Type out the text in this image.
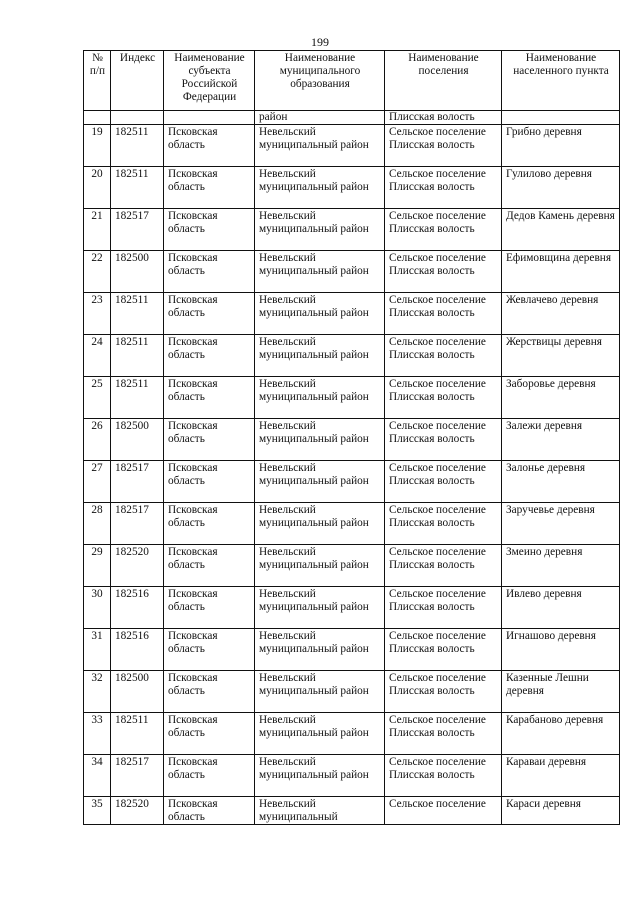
199
№ п/п	Индекс	Наименование субъекта Российской Федерации	Наименование муниципального образования	Наименование поселения	Наименование населенного пункта
			район	Плисская волость	
19	182511	Псковская область	Невельский муниципальный район	Сельское поселение Плисская волость	Грибно деревня
20	182511	Псковская область	Невельский муниципальный район	Сельское поселение Плисская волость	Гулилово деревня
21	182517	Псковская область	Невельский муниципальный район	Сельское поселение Плисская волость	Дедов Камень деревня
22	182500	Псковская область	Невельский муниципальный район	Сельское поселение Плисская волость	Ефимовщина деревня
23	182511	Псковская область	Невельский муниципальный район	Сельское поселение Плисская волость	Жевлачево деревня
24	182511	Псковская область	Невельский муниципальный район	Сельское поселение Плисская волость	Жерствицы деревня
25	182511	Псковская область	Невельский муниципальный район	Сельское поселение Плисская волость	Заборовье деревня
26	182500	Псковская область	Невельский муниципальный район	Сельское поселение Плисская волость	Залежи деревня
27	182517	Псковская область	Невельский муниципальный район	Сельское поселение Плисская волость	Залонье деревня
28	182517	Псковская область	Невельский муниципальный район	Сельское поселение Плисская волость	Заручевье деревня
29	182520	Псковская область	Невельский муниципальный район	Сельское поселение Плисская волость	Змеино деревня
30	182516	Псковская область	Невельский муниципальный район	Сельское поселение Плисская волость	Ивлево деревня
31	182516	Псковская область	Невельский муниципальный район	Сельское поселение Плисская волость	Игнашово деревня
32	182500	Псковская область	Невельский муниципальный район	Сельское поселение Плисская волость	Казенные Лешни деревня
33	182511	Псковская область	Невельский муниципальный район	Сельское поселение Плисская волость	Карабаново деревня
34	182517	Псковская область	Невельский муниципальный район	Сельское поселение Плисская волость	Караваи деревня
35	182520	Псковская область	Невельский муниципальный	Сельское поселение	Караси деревня
